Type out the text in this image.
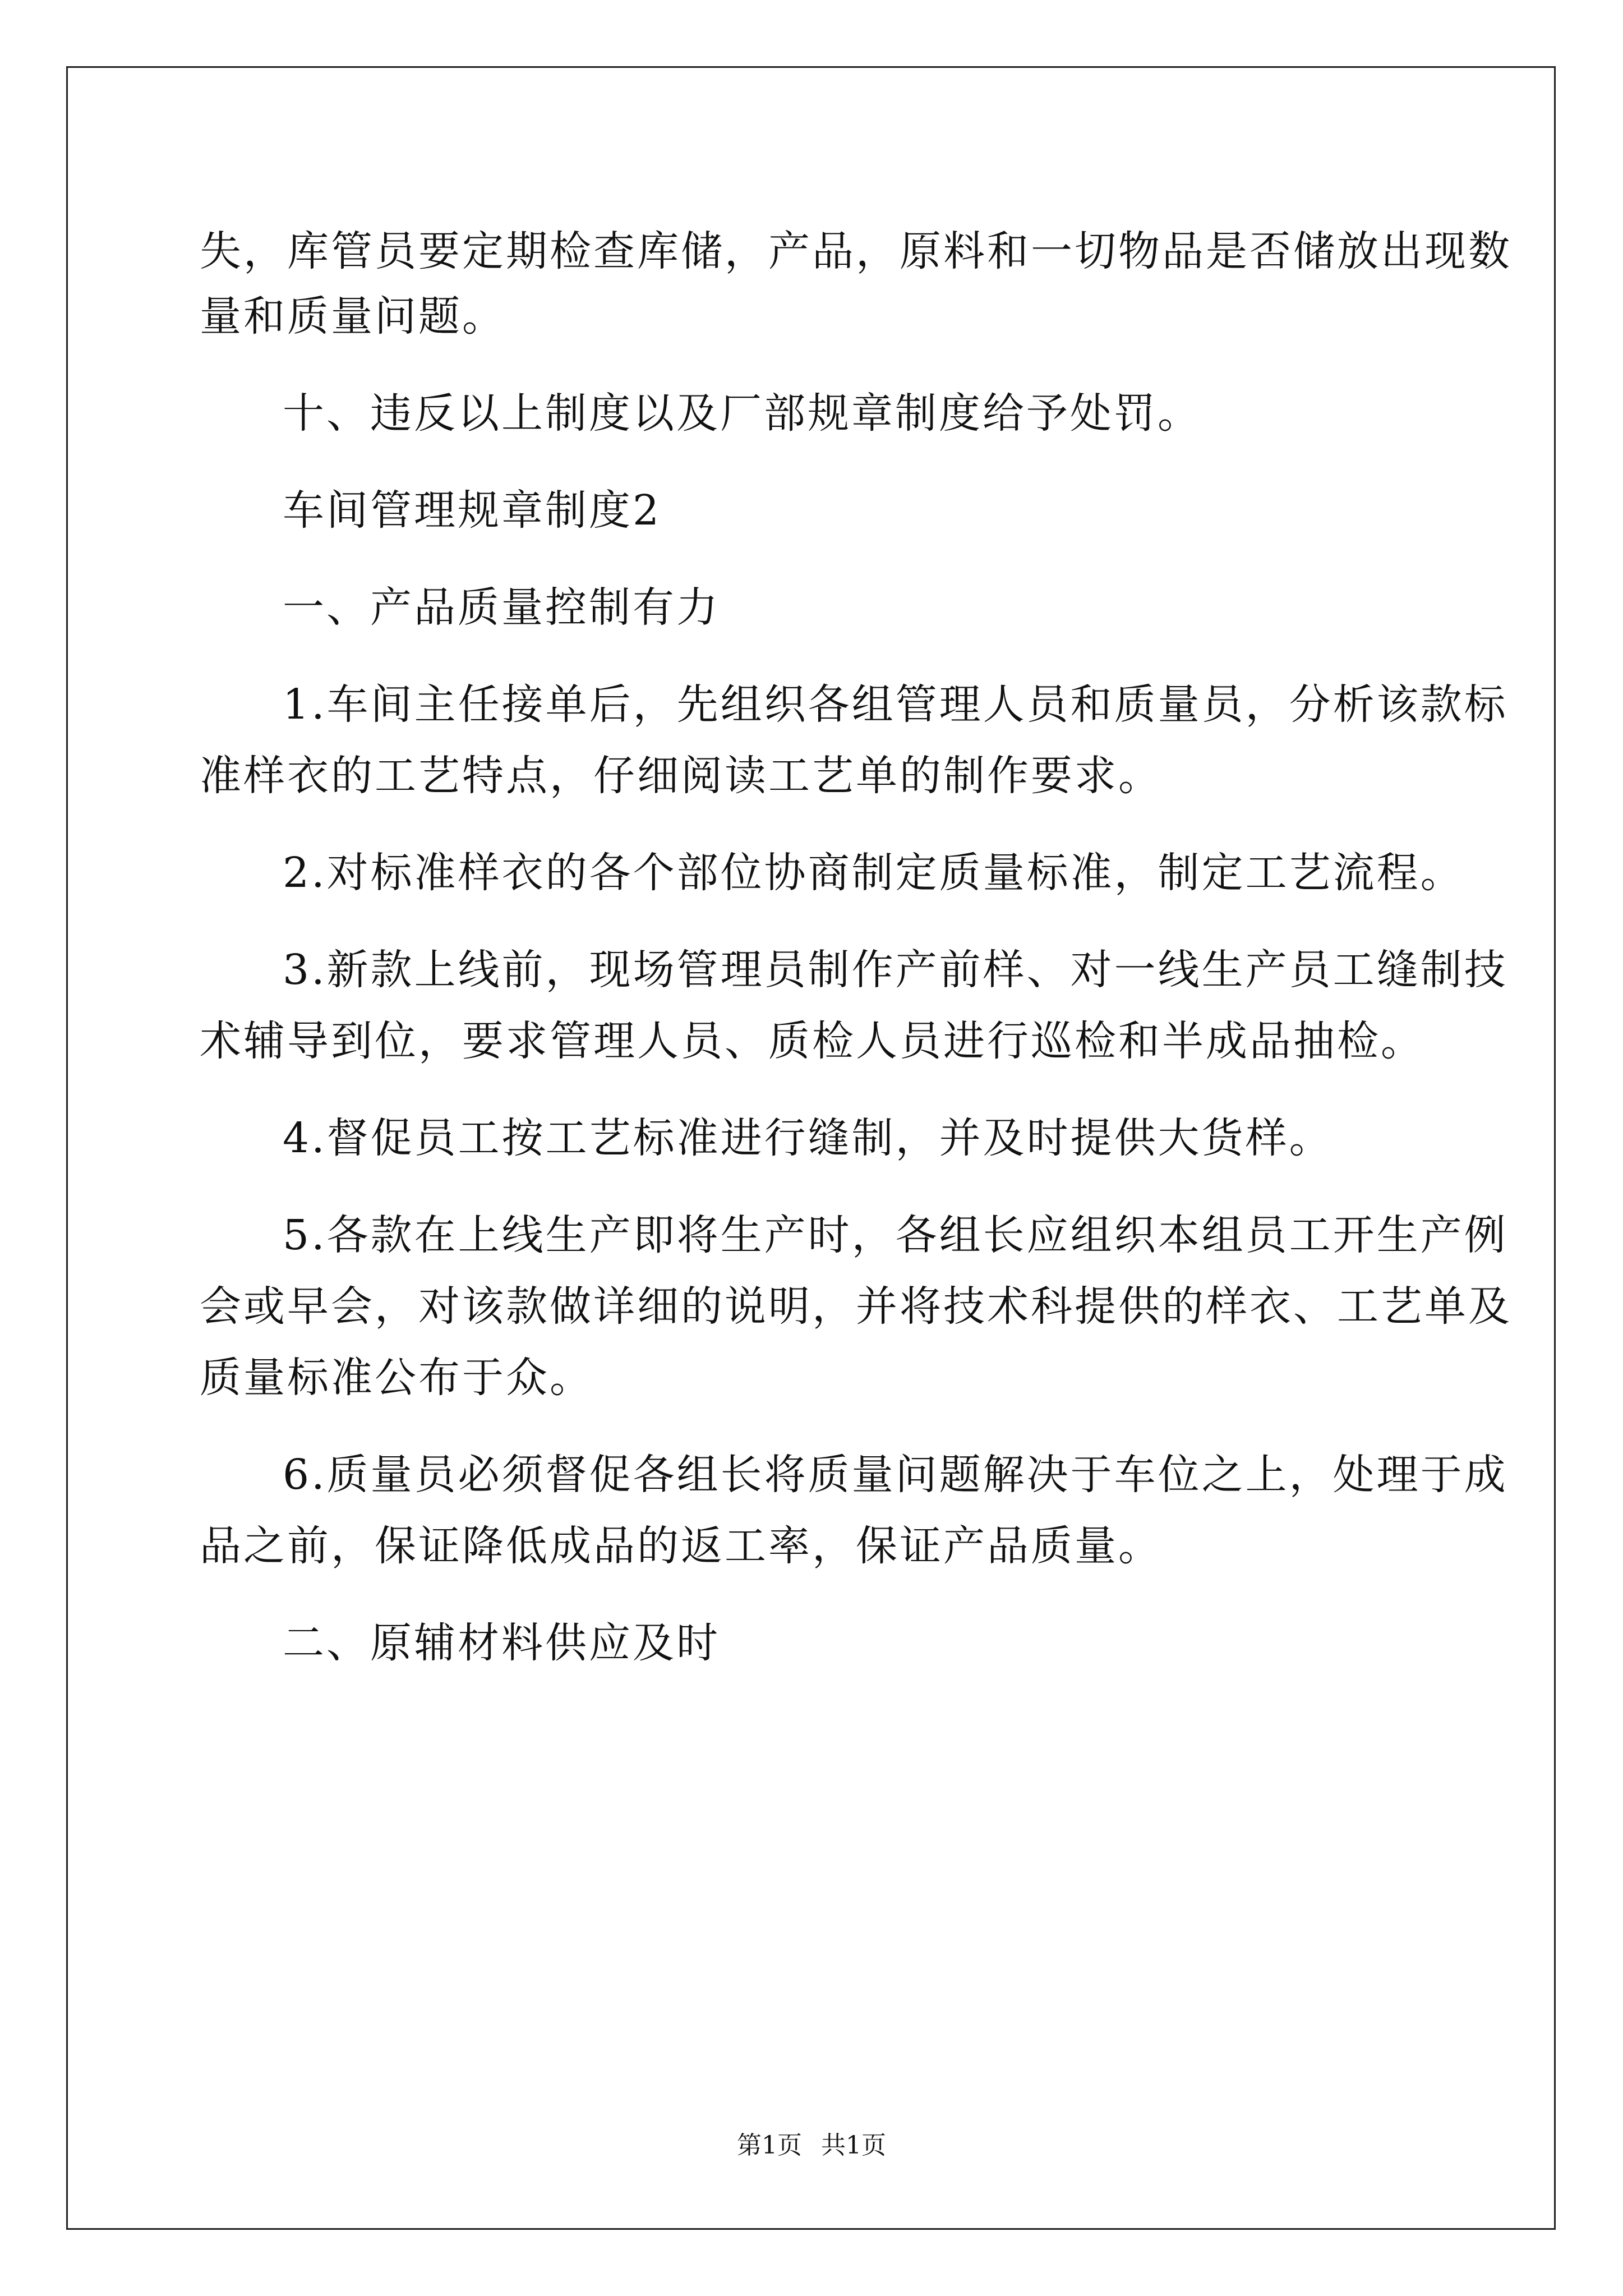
失，库管员要定期检查库储，产品，原料和一切物品是否储放出现数
量和质量问题。
十、违反以上制度以及厂部规章制度给予处罚。
车间管理规章制度2
一、产品质量控制有力
1.车间主任接单后，先组织各组管理人员和质量员，分析该款标
准样衣的工艺特点，仔细阅读工艺单的制作要求。
2.对标准样衣的各个部位协商制定质量标准，制定工艺流程。
3.新款上线前，现场管理员制作产前样、对一线生产员工缝制技
术辅导到位，要求管理人员、质检人员进行巡检和半成品抽检。
4.督促员工按工艺标准进行缝制，并及时提供大货样。
5.各款在上线生产即将生产时，各组长应组织本组员工开生产例
会或早会，对该款做详细的说明，并将技术科提供的样衣、工艺单及
质量标准公布于众。
6.质量员必须督促各组长将质量问题解决于车位之上，处理于成
品之前，保证降低成品的返工率，保证产品质量。
二、原辅材料供应及时
第1页 共1页
